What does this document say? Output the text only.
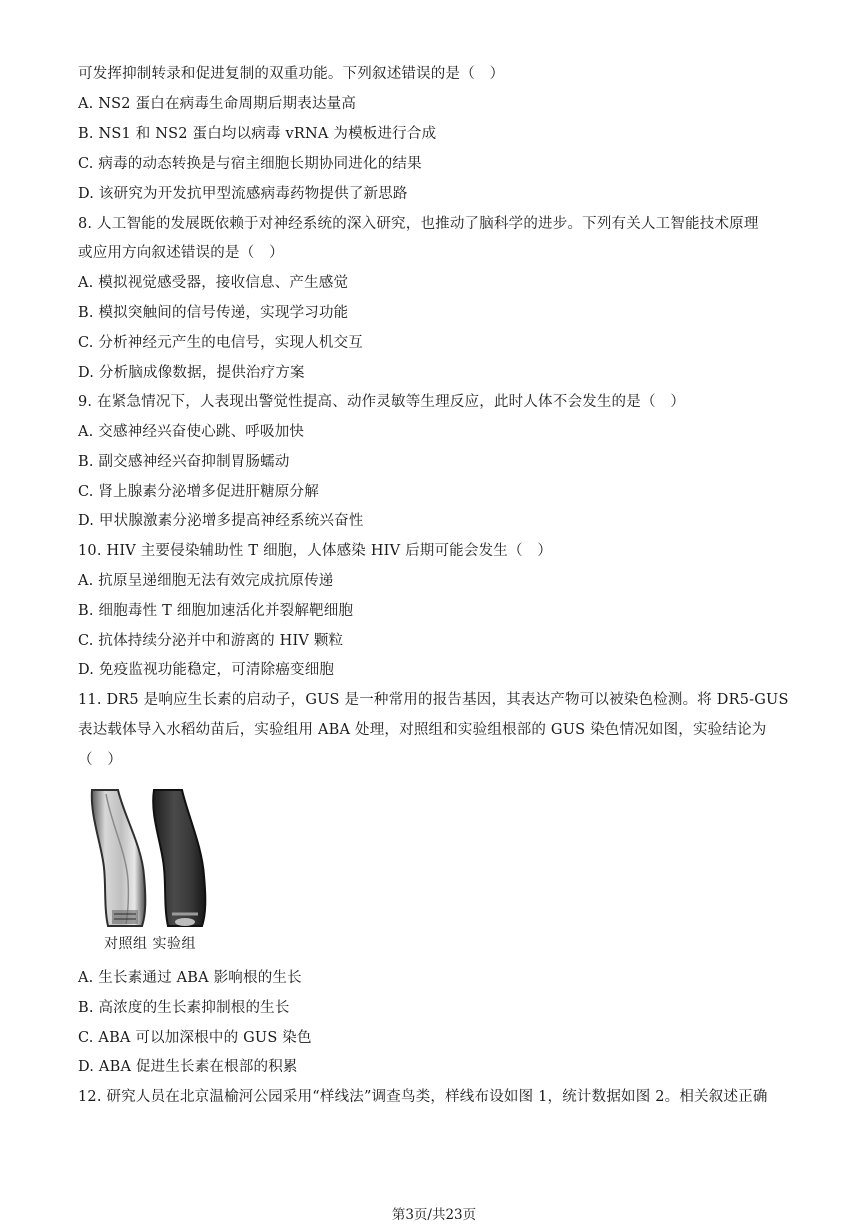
可发挥抑制转录和促进复制的双重功能。下列叙述错误的是（　）
A. NS2 蛋白在病毒生命周期后期表达量高
B. NS1 和 NS2 蛋白均以病毒 vRNA 为模板进行合成
C. 病毒的动态转换是与宿主细胞长期协同进化的结果
D. 该研究为开发抗甲型流感病毒药物提供了新思路
8. 人工智能的发展既依赖于对神经系统的深入研究，也推动了脑科学的进步。下列有关人工智能技术原理
或应用方向叙述错误的是（　）
A. 模拟视觉感受器，接收信息、产生感觉
B. 模拟突触间的信号传递，实现学习功能
C. 分析神经元产生的电信号，实现人机交互
D. 分析脑成像数据，提供治疗方案
9. 在紧急情况下，人表现出警觉性提高、动作灵敏等生理反应，此时人体不会发生的是（　）
A. 交感神经兴奋使心跳、呼吸加快
B. 副交感神经兴奋抑制胃肠蠕动
C. 肾上腺素分泌增多促进肝糖原分解
D. 甲状腺激素分泌增多提高神经系统兴奋性
10. HIV 主要侵染辅助性 T 细胞，人体感染 HIV 后期可能会发生（　）
A. 抗原呈递细胞无法有效完成抗原传递
B. 细胞毒性 T 细胞加速活化并裂解靶细胞
C. 抗体持续分泌并中和游离的 HIV 颗粒
D. 免疫监视功能稳定，可清除癌变细胞
11. DR5 是响应生长素的启动子，GUS 是一种常用的报告基因，其表达产物可以被染色检测。将 DR5-GUS
表达载体导入水稻幼苗后，实验组用 ABA 处理，对照组和实验组根部的 GUS 染色情况如图，实验结论为
（　）
对照组 实验组
A. 生长素通过 ABA 影响根的生长
B. 高浓度的生长素抑制根的生长
C. ABA 可以加深根中的 GUS 染色
D. ABA 促进生长素在根部的积累
12. 研究人员在北京温榆河公园采用“样线法”调查鸟类，样线布设如图 1，统计数据如图 2。相关叙述正确
第3页/共23页
